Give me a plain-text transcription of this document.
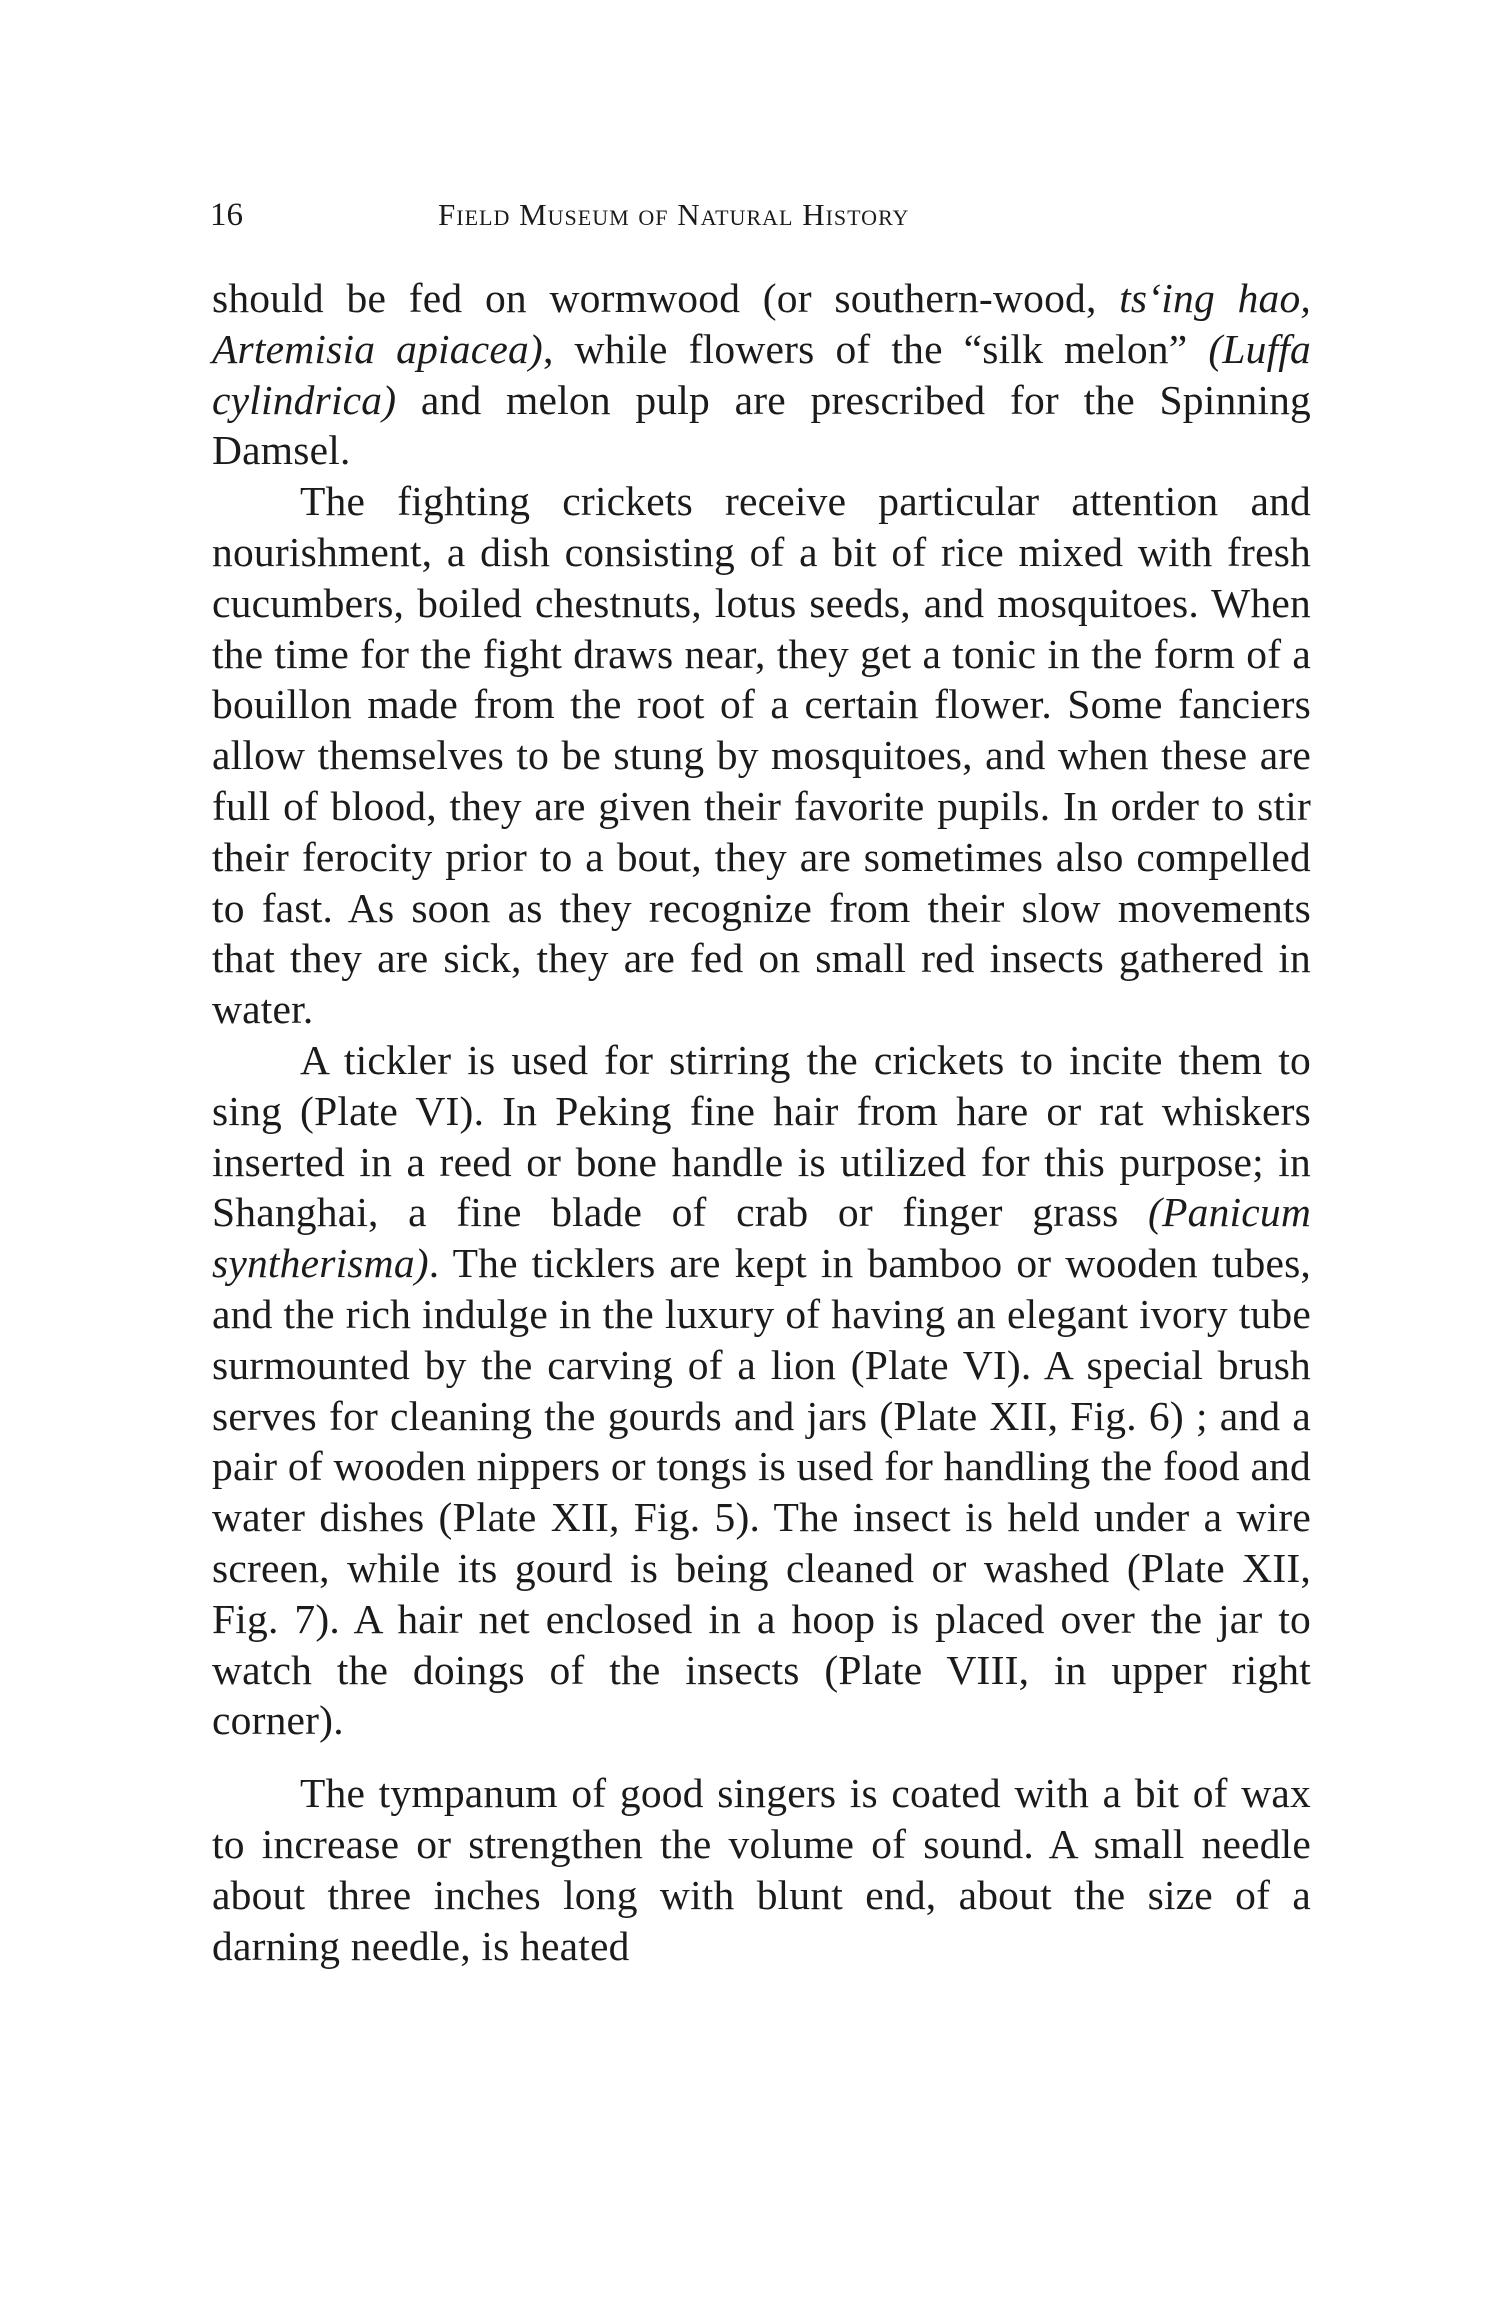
16	Field Museum of Natural History

should be fed on wormwood (or southern-wood, ts‘ing hao, Artemisia apiacea), while flowers of the “silk melon” (Luffa cylindrica) and melon pulp are prescribed for the Spinning Damsel.

The fighting crickets receive particular attention and nourishment, a dish consisting of a bit of rice mixed with fresh cucumbers, boiled chestnuts, lotus seeds, and mosquitoes. When the time for the fight draws near, they get a tonic in the form of a bouillon made from the root of a certain flower. Some fanciers allow themselves to be stung by mosquitoes, and when these are full of blood, they are given their favorite pupils. In order to stir their ferocity prior to a bout, they are sometimes also compelled to fast. As soon as they recognize from their slow movements that they are sick, they are fed on small red insects gathered in water.

A tickler is used for stirring the crickets to incite them to sing (Plate VI). In Peking fine hair from hare or rat whiskers inserted in a reed or bone handle is utilized for this purpose; in Shanghai, a fine blade of crab or finger grass (Panicum syntherisma). The ticklers are kept in bamboo or wooden tubes, and the rich indulge in the luxury of having an elegant ivory tube surmounted by the carving of a lion (Plate VI). A special brush serves for cleaning the gourds and jars (Plate XII, Fig. 6) ; and a pair of wooden nippers or tongs is used for handling the food and water dishes (Plate XII, Fig. 5). The insect is held under a wire screen, while its gourd is being cleaned or washed (Plate XII, Fig. 7). A hair net enclosed in a hoop is placed over the jar to watch the doings of the insects (Plate VIII, in upper right corner).

The tympanum of good singers is coated with a bit of wax to increase or strengthen the volume of sound. A small needle about three inches long with blunt end, about the size of a darning needle, is heated
